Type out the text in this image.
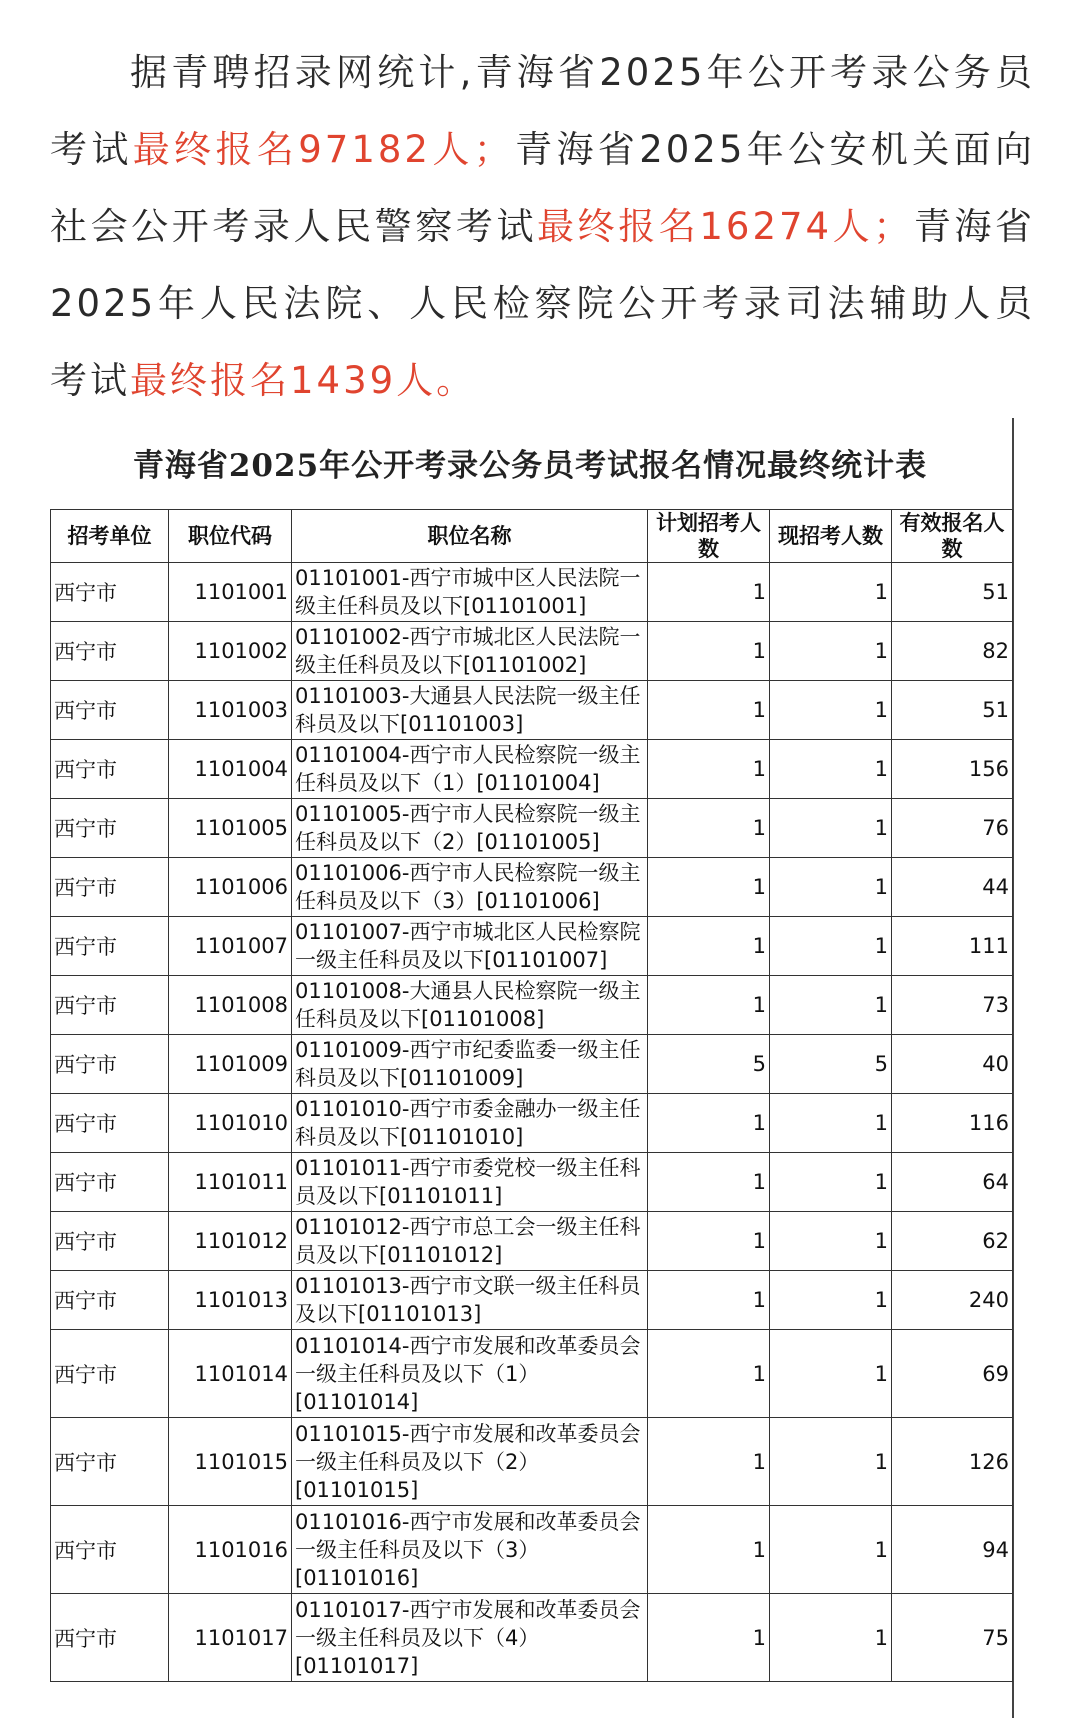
据青聘招录网统计,青海省2025年公开考录公务员考试最终报名97182人；青海省2025年公安机关面向社会公开考录人民警察考试最终报名16274人；青海省2025年人民法院、人民检察院公开考录司法辅助人员考试最终报名1439人。
青海省2025年公开考录公务员考试报名情况最终统计表
招考单位	职位代码	职位名称	计划招考人数	现招考人数	有效报名人数
西宁市	1101001	01101001-西宁市城中区人民法院一级主任科员及以下[01101001]	1	1	51
西宁市	1101002	01101002-西宁市城北区人民法院一级主任科员及以下[01101002]	1	1	82
西宁市	1101003	01101003-大通县人民法院一级主任科员及以下[01101003]	1	1	51
西宁市	1101004	01101004-西宁市人民检察院一级主任科员及以下（1）[01101004]	1	1	156
西宁市	1101005	01101005-西宁市人民检察院一级主任科员及以下（2）[01101005]	1	1	76
西宁市	1101006	01101006-西宁市人民检察院一级主任科员及以下（3）[01101006]	1	1	44
西宁市	1101007	01101007-西宁市城北区人民检察院一级主任科员及以下[01101007]	1	1	111
西宁市	1101008	01101008-大通县人民检察院一级主任科员及以下[01101008]	1	1	73
西宁市	1101009	01101009-西宁市纪委监委一级主任科员及以下[01101009]	5	5	40
西宁市	1101010	01101010-西宁市委金融办一级主任科员及以下[01101010]	1	1	116
西宁市	1101011	01101011-西宁市委党校一级主任科员及以下[01101011]	1	1	64
西宁市	1101012	01101012-西宁市总工会一级主任科员及以下[01101012]	1	1	62
西宁市	1101013	01101013-西宁市文联一级主任科员及以下[01101013]	1	1	240
西宁市	1101014	01101014-西宁市发展和改革委员会一级主任科员及以下（1）[01101014]	1	1	69
西宁市	1101015	01101015-西宁市发展和改革委员会一级主任科员及以下（2）[01101015]	1	1	126
西宁市	1101016	01101016-西宁市发展和改革委员会一级主任科员及以下（3）[01101016]	1	1	94
西宁市	1101017	01101017-西宁市发展和改革委员会一级主任科员及以下（4）[01101017]	1	1	75
